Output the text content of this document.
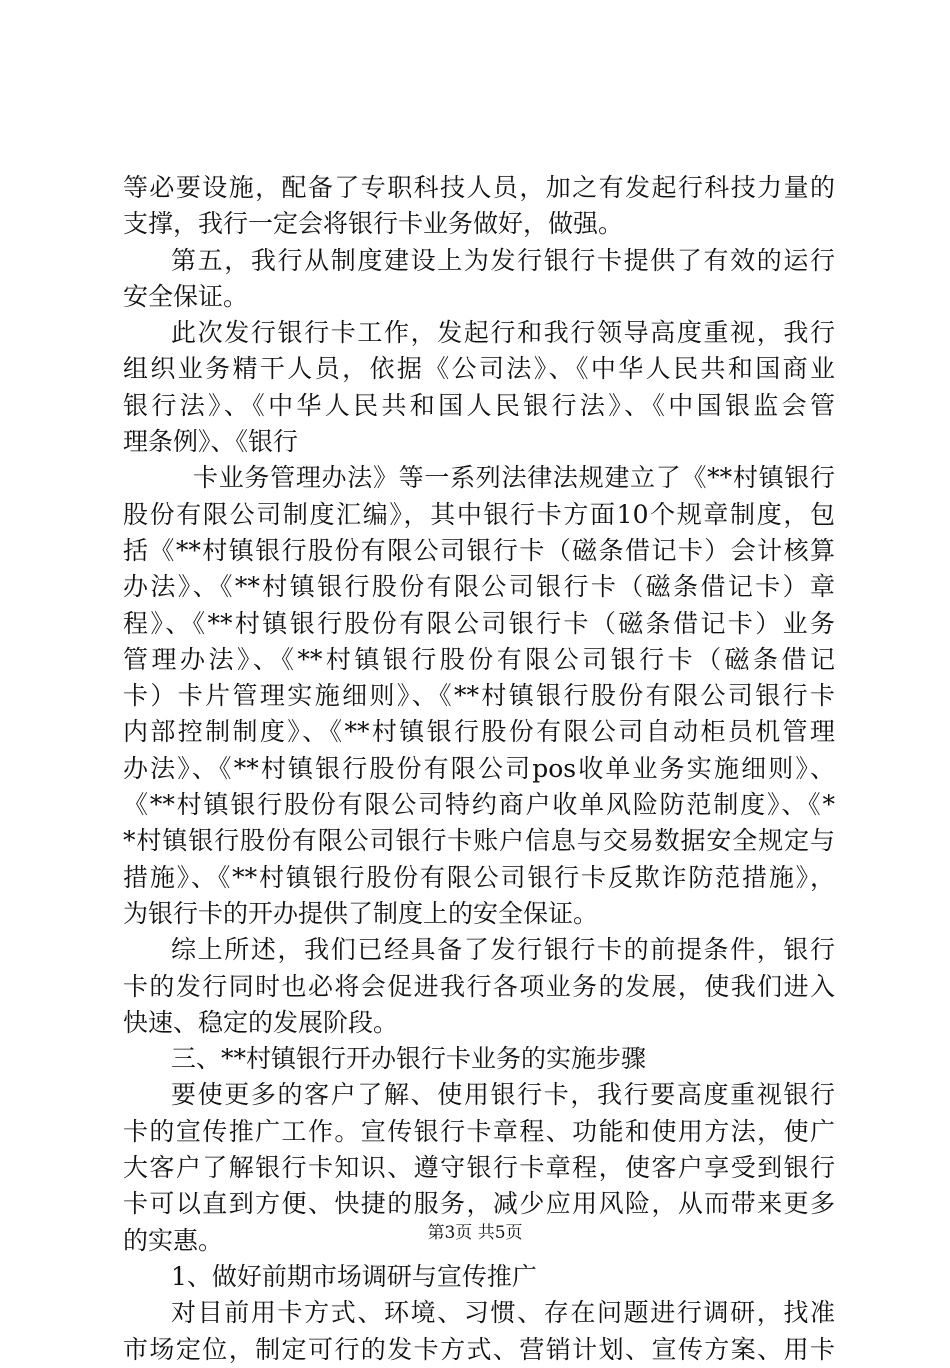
等必要设施，配备了专职科技人员，加之有发起行科技力量的

支撑，我行一定会将银行卡业务做好，做强。

第五，我行从制度建设上为发行银行卡提供了有效的运行

安全保证。

此次发行银行卡工作，发起行和我行领导高度重视，我行

组织业务精干人员，依据《公司法》、《中华人民共和国商业

银行法》、《中华人民共和国人民银行法》、《中国银监会管

理条例》、《银行

卡业务管理办法》等一系列法律法规建立了《**村镇银行

股份有限公司制度汇编》，其中银行卡方面10个规章制度，包

括《**村镇银行股份有限公司银行卡（磁条借记卡）会计核算

办法》、《**村镇银行股份有限公司银行卡（磁条借记卡）章

程》、《**村镇银行股份有限公司银行卡（磁条借记卡）业务

管理办法》、《**村镇银行股份有限公司银行卡（磁条借记

卡）卡片管理实施细则》、《**村镇银行股份有限公司银行卡

内部控制制度》、《**村镇银行股份有限公司自动柜员机管理

办法》、《**村镇银行股份有限公司pos收单业务实施细则》、

《**村镇银行股份有限公司特约商户收单风险防范制度》、《*

*村镇银行股份有限公司银行卡账户信息与交易数据安全规定与

措施》、《**村镇银行股份有限公司银行卡反欺诈防范措施》，

为银行卡的开办提供了制度上的安全保证。

综上所述，我们已经具备了发行银行卡的前提条件，银行

卡的发行同时也必将会促进我行各项业务的发展，使我们进入

快速、稳定的发展阶段。

三、**村镇银行开办银行卡业务的实施步骤

要使更多的客户了解、使用银行卡，我行要高度重视银行

卡的宣传推广工作。宣传银行卡章程、功能和使用方法，使广

大客户了解银行卡知识、遵守银行卡章程，使客户享受到银行

卡可以直到方便、快捷的服务，减少应用风险，从而带来更多

的实惠。

1、做好前期市场调研与宣传推广

对目前用卡方式、环境、习惯、存在问题进行调研，找准

市场定位，制定可行的发卡方式、营销计划、宣传方案、用卡

第3页 共5页
